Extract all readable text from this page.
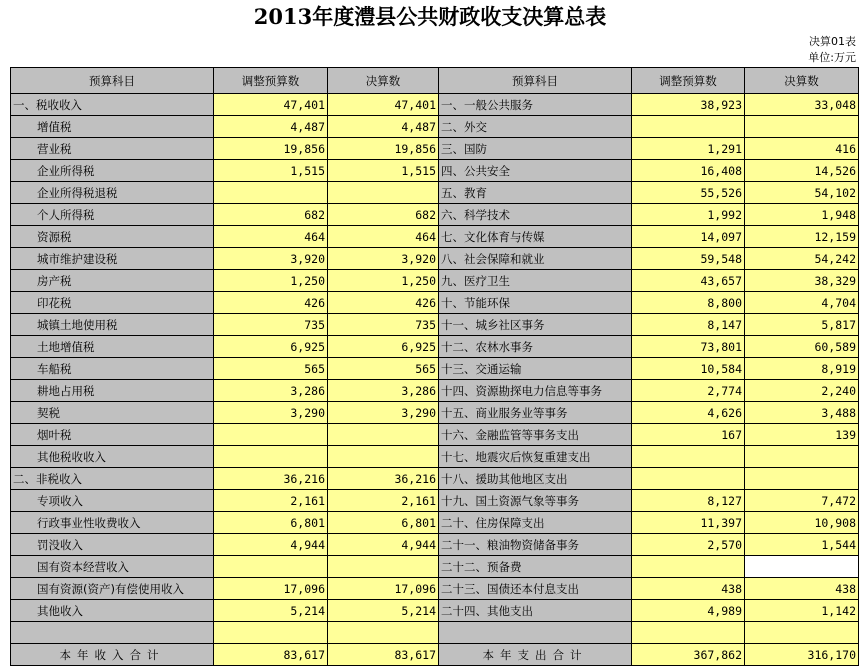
2013年度澧县公共财政收支决算总表
决算01表
单位:万元
预算科目	调整预算数	决算数	预算科目	调整预算数	决算数
一、税收收入	47,401	47,401	一、一般公共服务	38,923	33,048
增值税	4,487	4,487	二、外交		
营业税	19,856	19,856	三、国防	1,291	416
企业所得税	1,515	1,515	四、公共安全	16,408	14,526
企业所得税退税			五、教育	55,526	54,102
个人所得税	682	682	六、科学技术	1,992	1,948
资源税	464	464	七、文化体育与传媒	14,097	12,159
城市维护建设税	3,920	3,920	八、社会保障和就业	59,548	54,242
房产税	1,250	1,250	九、医疗卫生	43,657	38,329
印花税	426	426	十、节能环保	8,800	4,704
城镇土地使用税	735	735	十一、城乡社区事务	8,147	5,817
土地增值税	6,925	6,925	十二、农林水事务	73,801	60,589
车船税	565	565	十三、交通运输	10,584	8,919
耕地占用税	3,286	3,286	十四、资源勘探电力信息等事务	2,774	2,240
契税	3,290	3,290	十五、商业服务业等事务	4,626	3,488
烟叶税			十六、金融监管等事务支出	167	139
其他税收收入			十七、地震灾后恢复重建支出		
二、非税收入	36,216	36,216	十八、援助其他地区支出		
专项收入	2,161	2,161	十九、国土资源气象等事务	8,127	7,472
行政事业性收费收入	6,801	6,801	二十、住房保障支出	11,397	10,908
罚没收入	4,944	4,944	二十一、粮油物资储备事务	2,570	1,544
国有资本经营收入			二十二、预备费		
国有资源(资产)有偿使用收入	17,096	17,096	二十三、国债还本付息支出	438	438
其他收入	5,214	5,214	二十四、其他支出	4,989	1,142

本年收入合计	83,617	83,617	本年支出合计	367,862	316,170
